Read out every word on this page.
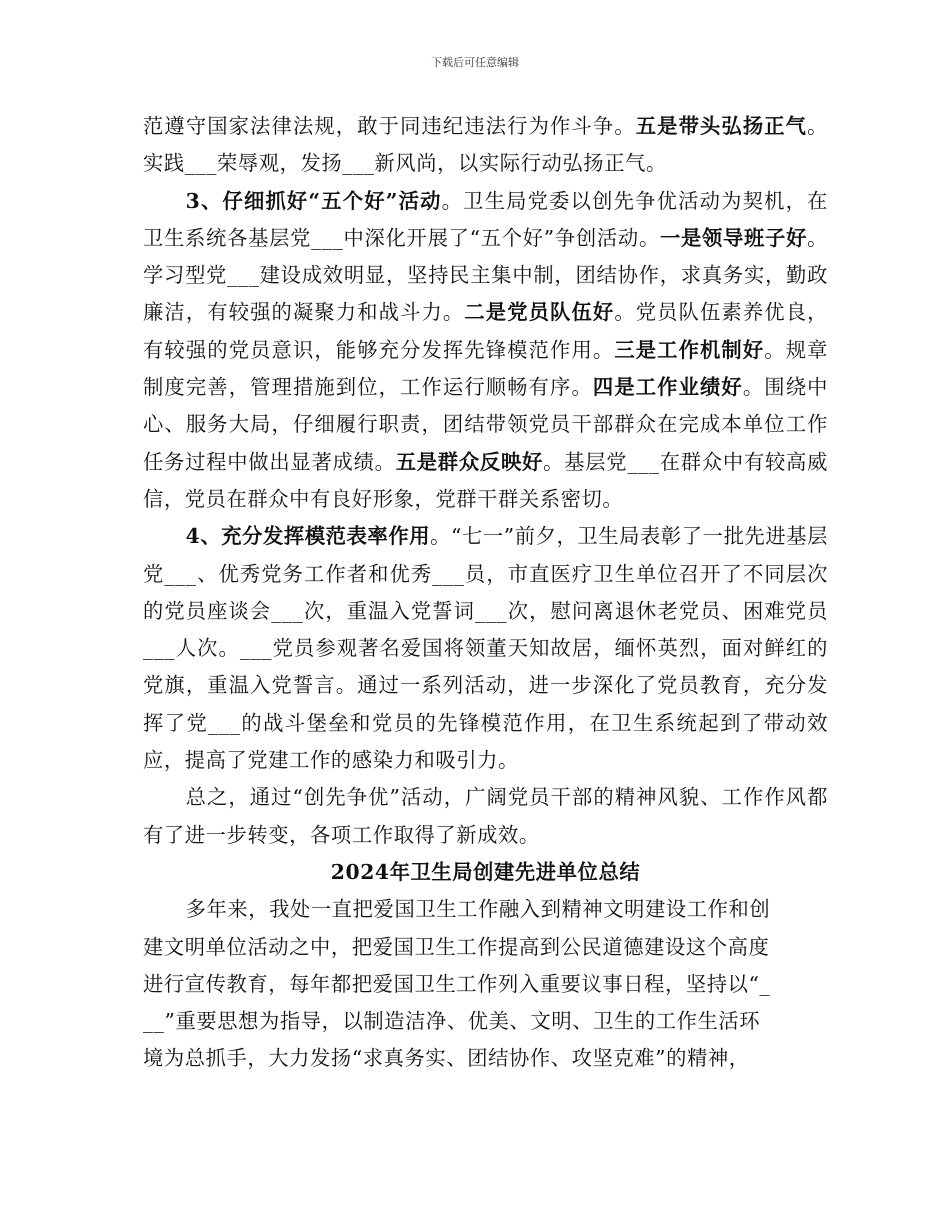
下载后可任意编辑

范遵守国家法律法规，敢于同违纪违法行为作斗争。五是带头弘扬正气。实践___荣辱观，发扬___新风尚，以实际行动弘扬正气。

3、仔细抓好“五个好”活动。卫生局党委以创先争优活动为契机，在卫生系统各基层党___中深化开展了“五个好”争创活动。一是领导班子好。学习型党___建设成效明显，坚持民主集中制，团结协作，求真务实，勤政廉洁，有较强的凝聚力和战斗力。二是党员队伍好。党员队伍素养优良，有较强的党员意识，能够充分发挥先锋模范作用。三是工作机制好。规章制度完善，管理措施到位，工作运行顺畅有序。四是工作业绩好。围绕中心、服务大局，仔细履行职责，团结带领党员干部群众在完成本单位工作任务过程中做出显著成绩。五是群众反映好。基层党___在群众中有较高威信，党员在群众中有良好形象，党群干群关系密切。

4、充分发挥模范表率作用。“七一”前夕，卫生局表彰了一批先进基层党___、优秀党务工作者和优秀___员，市直医疗卫生单位召开了不同层次的党员座谈会___次，重温入党誓词___次，慰问离退休老党员、困难党员___人次。___党员参观著名爱国将领董天知故居，缅怀英烈，面对鲜红的党旗，重温入党誓言。通过一系列活动，进一步深化了党员教育，充分发挥了党___的战斗堡垒和党员的先锋模范作用，在卫生系统起到了带动效应，提高了党建工作的感染力和吸引力。

总之，通过“创先争优”活动，广阔党员干部的精神风貌、工作作风都有了进一步转变，各项工作取得了新成效。

2024年卫生局创建先进单位总结

多年来，我处一直把爱国卫生工作融入到精神文明建设工作和创
建文明单位活动之中，把爱国卫生工作提高到公民道德建设这个高度
进行宣传教育，每年都把爱国卫生工作列入重要议事日程，坚持以“_
__”重要思想为指导，以制造洁净、优美、文明、卫生的工作生活环
境为总抓手，大力发扬“求真务实、团结协作、攻坚克难”的精神，
